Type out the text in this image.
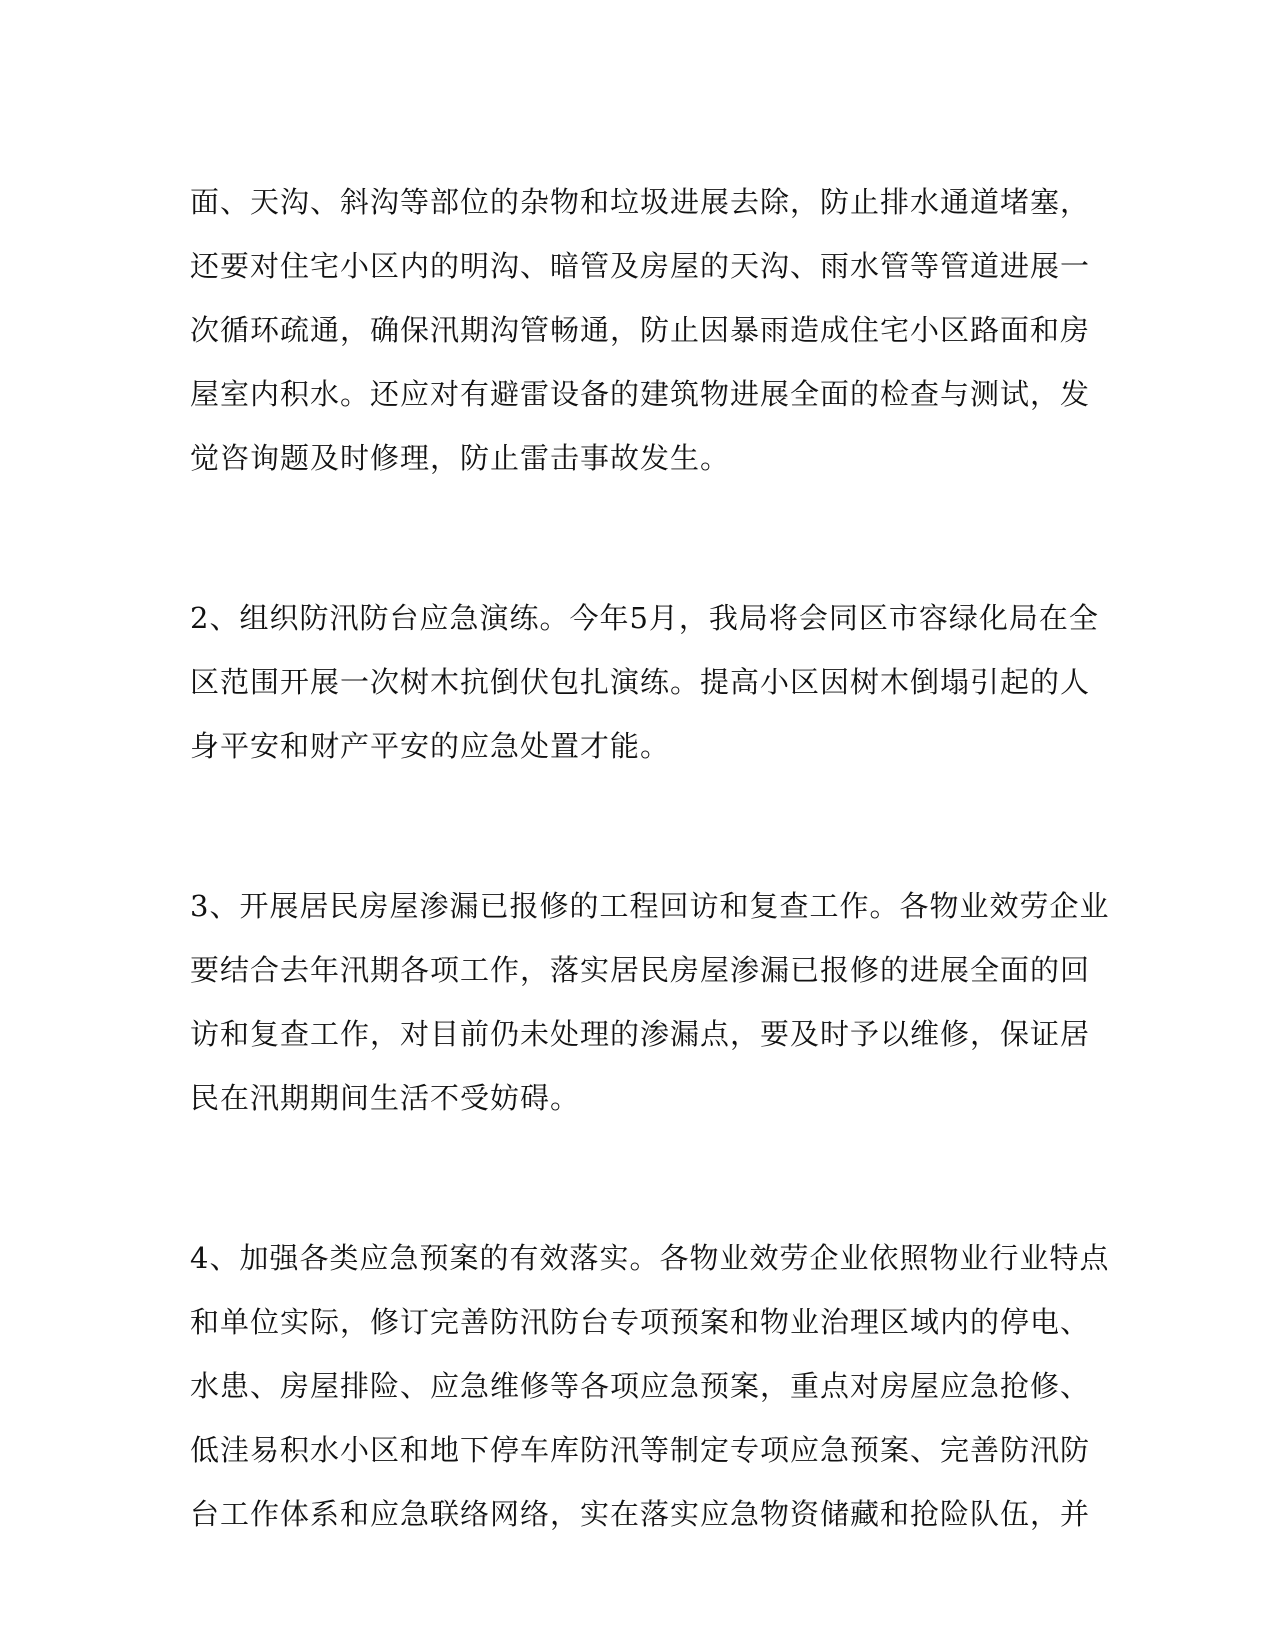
面、天沟、斜沟等部位的杂物和垃圾进展去除，防止排水通道堵塞，
还要对住宅小区内的明沟、暗管及房屋的天沟、雨水管等管道进展一
次循环疏通，确保汛期沟管畅通，防止因暴雨造成住宅小区路面和房
屋室内积水。还应对有避雷设备的建筑物进展全面的检查与测试，发
觉咨询题及时修理，防止雷击事故发生。
2、组织防汛防台应急演练。今年5月，我局将会同区市容绿化局在全
区范围开展一次树木抗倒伏包扎演练。提高小区因树木倒塌引起的人
身平安和财产平安的应急处置才能。
3、开展居民房屋渗漏已报修的工程回访和复查工作。各物业效劳企业
要结合去年汛期各项工作，落实居民房屋渗漏已报修的进展全面的回
访和复查工作，对目前仍未处理的渗漏点，要及时予以维修，保证居
民在汛期期间生活不受妨碍。
4、加强各类应急预案的有效落实。各物业效劳企业依照物业行业特点
和单位实际，修订完善防汛防台专项预案和物业治理区域内的停电、
水患、房屋排险、应急维修等各项应急预案，重点对房屋应急抢修、
低洼易积水小区和地下停车库防汛等制定专项应急预案、完善防汛防
台工作体系和应急联络网络，实在落实应急物资储藏和抢险队伍，并
